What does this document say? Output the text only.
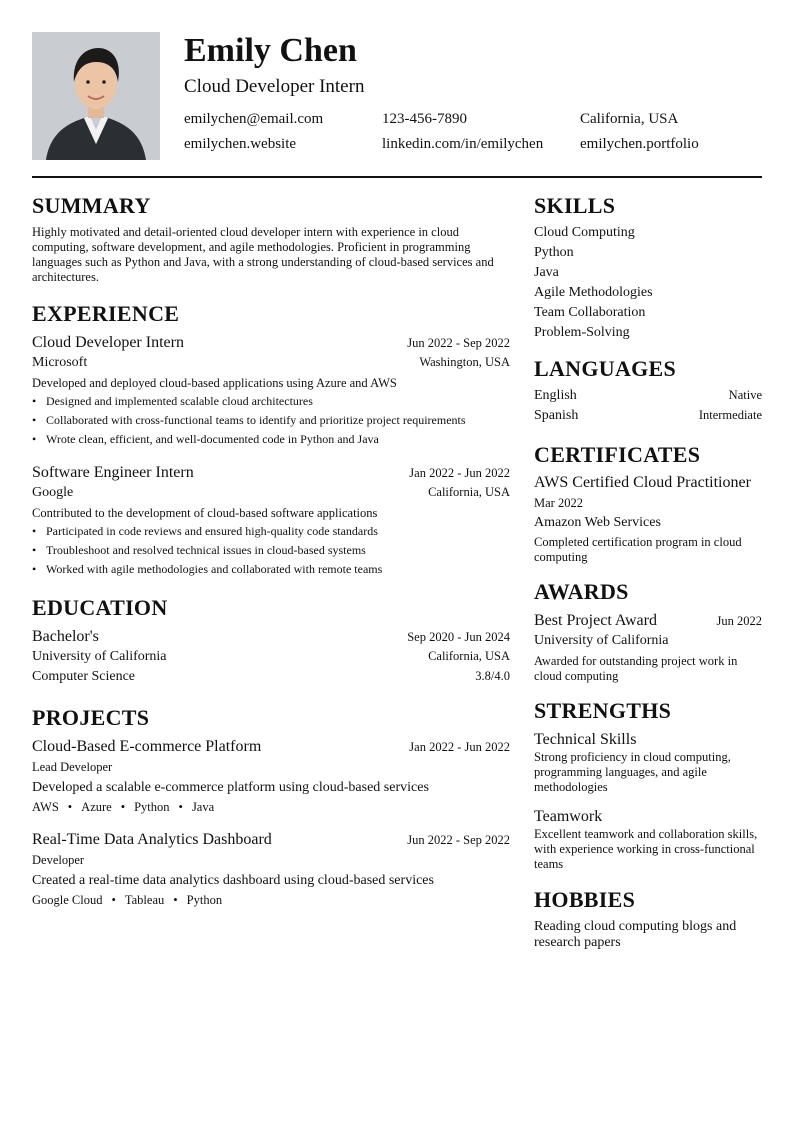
Emily Chen
Cloud Developer Intern
emilychen@email.com	123-456-7890	California, USA
emilychen.website	linkedin.com/in/emilychen emilychen.portfolio
SUMMARY
Highly motivated and detail-oriented cloud developer intern with experience in cloud computing, software development, and agile methodologies. Proficient in programming languages such as Python and Java, with a strong understanding of cloud-based services and architectures.
EXPERIENCE
Cloud Developer Intern	Jun 2022 - Sep 2022
Microsoft	Washington, USA
Developed and deployed cloud-based applications using Azure and AWS
• Designed and implemented scalable cloud architectures
• Collaborated with cross-functional teams to identify and prioritize project requirements
• Wrote clean, efficient, and well-documented code in Python and Java
Software Engineer Intern	Jan 2022 - Jun 2022
Google	California, USA
Contributed to the development of cloud-based software applications
• Participated in code reviews and ensured high-quality code standards
• Troubleshoot and resolved technical issues in cloud-based systems
• Worked with agile methodologies and collaborated with remote teams
EDUCATION
Bachelor's	Sep 2020 - Jun 2024
University of California	California, USA
Computer Science	3.8/4.0
PROJECTS
Cloud-Based E-commerce Platform	Jan 2022 - Jun 2022
Lead Developer
Developed a scalable e-commerce platform using cloud-based services
AWS • Azure • Python • Java
Real-Time Data Analytics Dashboard	Jun 2022 - Sep 2022
Developer
Created a real-time data analytics dashboard using cloud-based services
Google Cloud • Tableau • Python
SKILLS
Cloud Computing
Python
Java
Agile Methodologies
Team Collaboration
Problem-Solving
LANGUAGES
English	Native
Spanish	Intermediate
CERTIFICATES
AWS Certified Cloud Practitioner
Mar 2022
Amazon Web Services
Completed certification program in cloud computing
AWARDS
Best Project Award	Jun 2022
University of California
Awarded for outstanding project work in cloud computing
STRENGTHS
Technical Skills
Strong proficiency in cloud computing, programming languages, and agile methodologies
Teamwork
Excellent teamwork and collaboration skills, with experience working in cross-functional teams
HOBBIES
Reading cloud computing blogs and research papers
